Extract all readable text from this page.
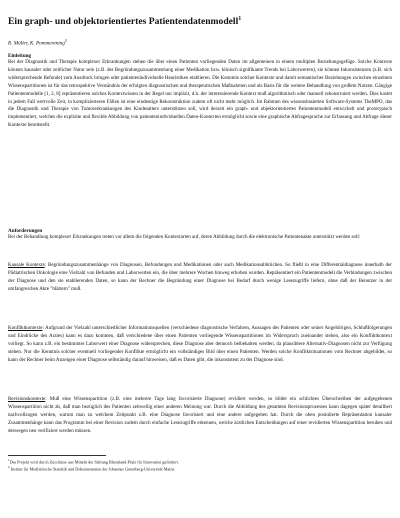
Ein graph- und objektorientiertes Patientendatenmodell$^1$
R. Müller, K. Pommerening$^2$
Einleitung

Bei der Diagnostik und Therapie komplexer Erkrankungen stehen die über einen Patienten vorliegenden Daten im allgemeinen in einem multiplen Beziehungsgefüge. Solche Kontexte können kausaler oder zeitlicher Natur sein (z.B. der Begründungszusammenhang einer Medikation bzw. klinisch signifikante Trends bei Laborwerten), sie können Inkonsistenzen (z.B. sich widersprechende Befunde) zum Ausdruck bringen oder patientenindividuelle Heuristiken etablieren. Die Kenntnis solcher Kontexte und damit semantischer Beziehungen zwischen einzelnen Wissenspartitionen ist für das retrospektive Verständnis der erfolgten diagnostischen und therapeutischen Maßnahmen und als Basis für die weitere Behandlung von großem Nutzen. Gängige Patientenmodelle [1, 2, 8] repräsentieren solches Kontextwissen in der Regel nur implizit, d.h. der interessierende Kontext muß algorithmisch oder manuell rekonstruiert werden. Dies kostet in jedem Fall wertvolle Zeit, in komplizierteren Fällen ist eine eindeutige Rekonstruktion zudem oft nicht mehr möglich. Im Rahmen des wissensbasierten Software-Systems TheMPO, das die Diagnostik und Therapie von Tumorerkrankungen des Kindesalters unterstützen soll, wird derzeit ein graph- und objektorientiertes Patientenmodell entwickelt und prototypisch implementiert, welches die explizite und flexible Abbildung von patientenindividuellen Daten-Kontexten ermöglicht sowie eine graphische Abfragesprache zur Erfassung und Abfrage dieser Kontexte bereitstellt.

Anforderungen

Bei der Behandlung komplexer Erkrankungen treten vor allem die folgenden Kontextarten auf, deren Abbildung durch die elektronische Patientenakte unterstützt werden soll:

Kausale Kontexte: Begründungszusammenhänge von Diagnosen, Befundungen und Medikationen oder auch Medikationsabbrüchen. So fließt in eine Differentialdiagnose innerhalb der Pädiatrischen Onkologie eine Vielzahl von Befunden und Laborwerten ein, die über mehrere Wochen hinweg erhoben wurden. Repräsentiert ein Patientenmodell die Verbindungen zwischen der Diagnose und den sie etablierenden Daten, so kann der Rechner die Begründung einer Diagnose bei Bedarf durch wenige Lesezugriffe liefern, ohne daß der Benutzer in der umfangreichen Akte "blättern" muß.

Konfliktkontexte: Aufgrund der Vielzahl unterschiedlicher Informationsquellen (verschiedene diagnostische Verfahren, Aussagen des Patienten oder seiner Angehörigen, Schlußfolgerungen und Eindrücke des Arztes) kann es dazu kommen, daß verschiedene über einen Patienten vorliegende Wissenspartitionen im Widerspruch zueinander stehen, also ein Konfliktkontext vorliegt. So kann z.B. ein bestimmter Laborwert einer Diagnose widersprechen, diese Diagnose aber dennoch beibehalten werden, da plausiblere Alternativ-Diagnosen nicht zur Verfügung stehen. Nur die Kenntnis solcher eventuell vorliegender Konflikte ermöglicht ein vollständiges Bild über einen Patienten. Werden solche Konfliktsituationen vom Rechner abgebildet, so kann der Rechner beim Anzeigen einer Diagnose selbständig darauf hinweisen, daß es Daten gibt, die inkonsistent zu der Diagnose sind.

Revisionskontexte: Muß eine Wissenspartition (z.B. eine mehrere Tage lang favorisierte Diagnose) revidiert werden, so bildet ein schlichtes Überschreiben der aufgegebenen Wissenspartition nicht ab, daß man bezüglich des Patienten zeitweilig einer anderen Meinung war. Durch die Abbildung des gesamten Revisionsprozesses kann dagegen später detailliert nachvollzogen werden, warum man zu welchem Zeitpunkt z.B. eine Diagnose favorisiert und eine andere aufgegeben hat. Durch die oben postulierte Repräsentation kausaler Zusammenhänge kann das Programm bei einer Revision zudem durch einfache Lesezugriffe erkennen, welche ärztlichen Entscheidungen auf einer revidierten Wissenspartition beruhen und deswegen neu verifiziert werden müssen.

$^1$Das Projekt wird durch Zuschüsse aus Mitteln der Stiftung Rheinland-Pfalz für Innovation gefördert.
$^2$ Institut für Medizinische Statistik und Dokumentation der Johannes Gutenberg-Universität Mainz
